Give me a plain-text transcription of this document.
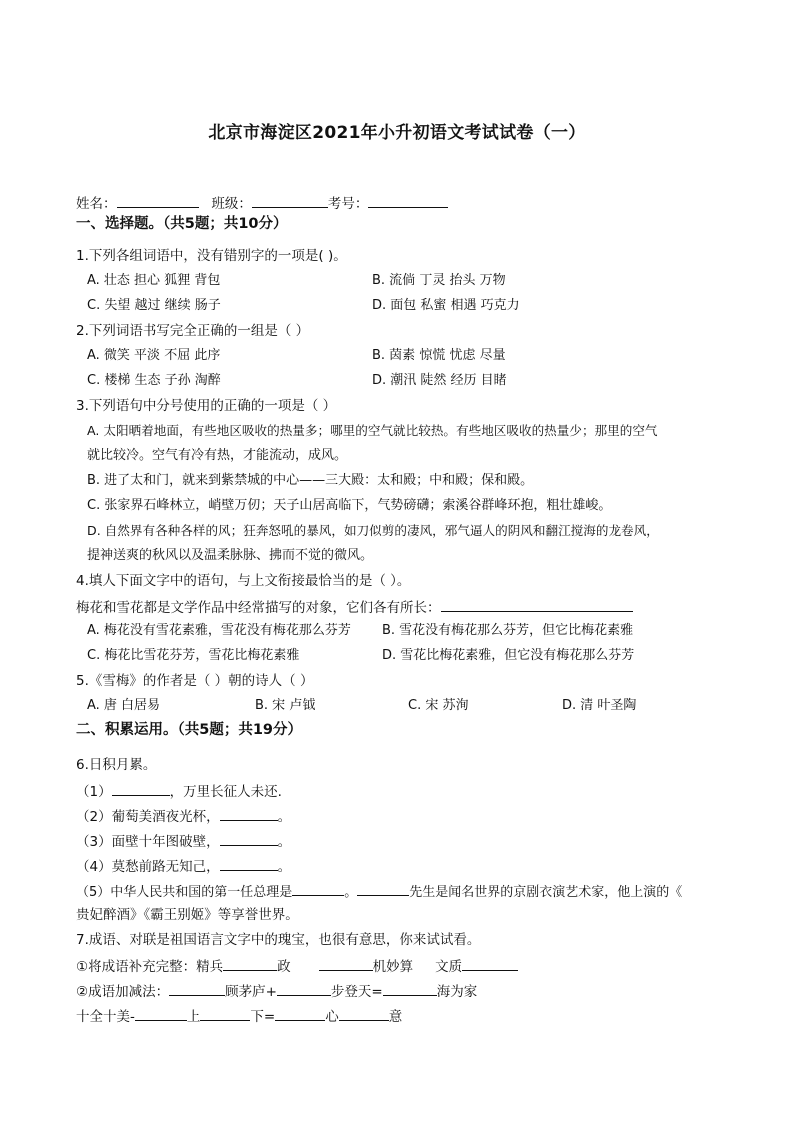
北京市海淀区2021年小升初语文考试试卷（一）
姓名：	班级：	考号：
一、选择题。（共5题；共10分）
1.下列各组词语中，没有错别字的一项是( )。
A. 壮态 担心 狐狸 背包	B. 流倘 丁灵 抬头 万物
C. 失望 越过 继续 肠子	D. 面包 私蜜 相遇 巧克力
2.下列词语书写完全正确的一组是（ ）
A. 微笑 平淡 不屈 此序	B. 茵素 惊慌 忧虑 尽量
C. 楼梯 生态 子孙 淘醉	D. 潮汛 陡然 经历 目睹
3.下列语句中分号使用的正确的一项是（ ）
A. 太阳晒着地面，有些地区吸收的热量多；哪里的空气就比较热。有些地区吸收的热量少；那里的空气
就比较冷。空气有冷有热，才能流动，成风。
B. 进了太和门，就来到紫禁城的中心——三大殿：太和殿；中和殿；保和殿。
C. 张家界石峰林立，峭壁万仞；天子山居高临下，气势磅礴；索溪谷群峰环抱，粗壮雄峻。
D. 自然界有各种各样的风；狂奔怒吼的暴风，如刀似剪的凄风，邪气逼人的阴风和翻江搅海的龙卷风，
提神送爽的秋风以及温柔脉脉、拂而不觉的微风。
4.填人下面文字中的语句，与上文衔接最恰当的是（ ）。
梅花和雪花都是文学作品中经常描写的对象，它们各有所长：
A. 梅花没有雪花素雅，雪花没有梅花那么芬芳 B. 雪花没有梅花那么芬芳，但它比梅花素雅
C. 梅花比雪花芬芳，雪花比梅花素雅	D. 雪花比梅花素雅，但它没有梅花那么芬芳
5.《雪梅》的作者是（ ）朝的诗人（ ）
A. 唐 白居易	B. 宋 卢钺	C. 宋 苏洵	D. 清 叶圣陶
二、积累运用。（共5题；共19分）
6.日积月累。
（1）	，万里长征人未还.
（2）葡萄美酒夜光杯，	。
（3）面壁十年图破壁，	。
（4）莫愁前路无知己，	。
（5）中华人民共和国的第一任总理是	。	先生是闻名世界的京剧衣演艺术家，他上演的《
贵妃醉酒》《霸王别姬》等享誉世界。
7.成语、对联是祖国语言文字中的瑰宝，也很有意思，你来试试看。
①将成语补充完整：精兵	政	机妙算 文质
②成语加减法：	顾茅庐+	步登天=	海为家
十全十美-	上	下=	心	意
